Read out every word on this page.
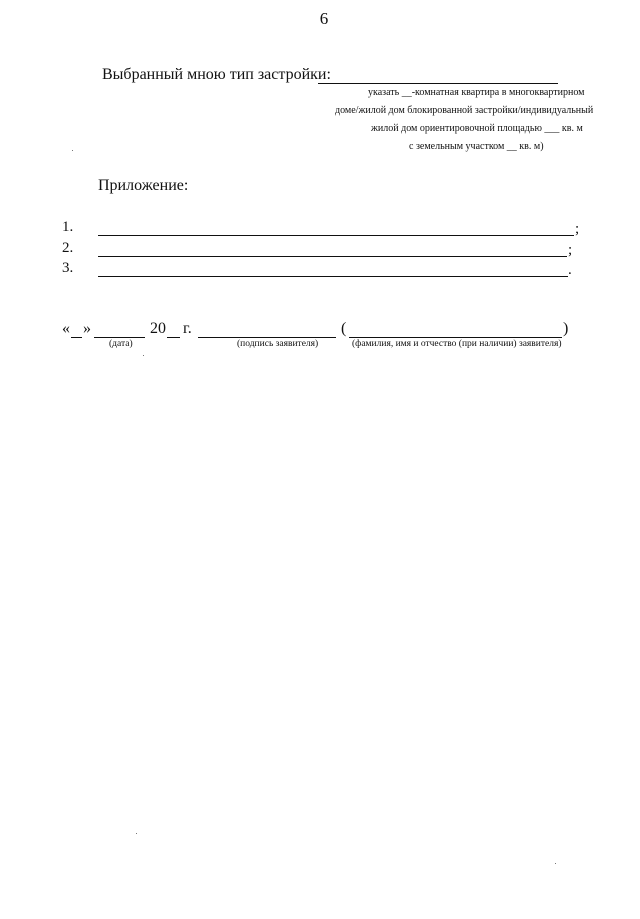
6
Выбранный мною тип застройки:
указать __-комнатная квартира в многоквартирном
доме/жилой дом блокированной застройки/индивидуальный
жилой дом ориентировочной площадью ___ кв. м
с земельным участком __ кв. м)
Приложение:
1.	;
2.	;
3.	.
« »	20 г.	(	)
(дата)	(подпись заявителя)	(фамилия, имя и отчество (при наличии) заявителя)
